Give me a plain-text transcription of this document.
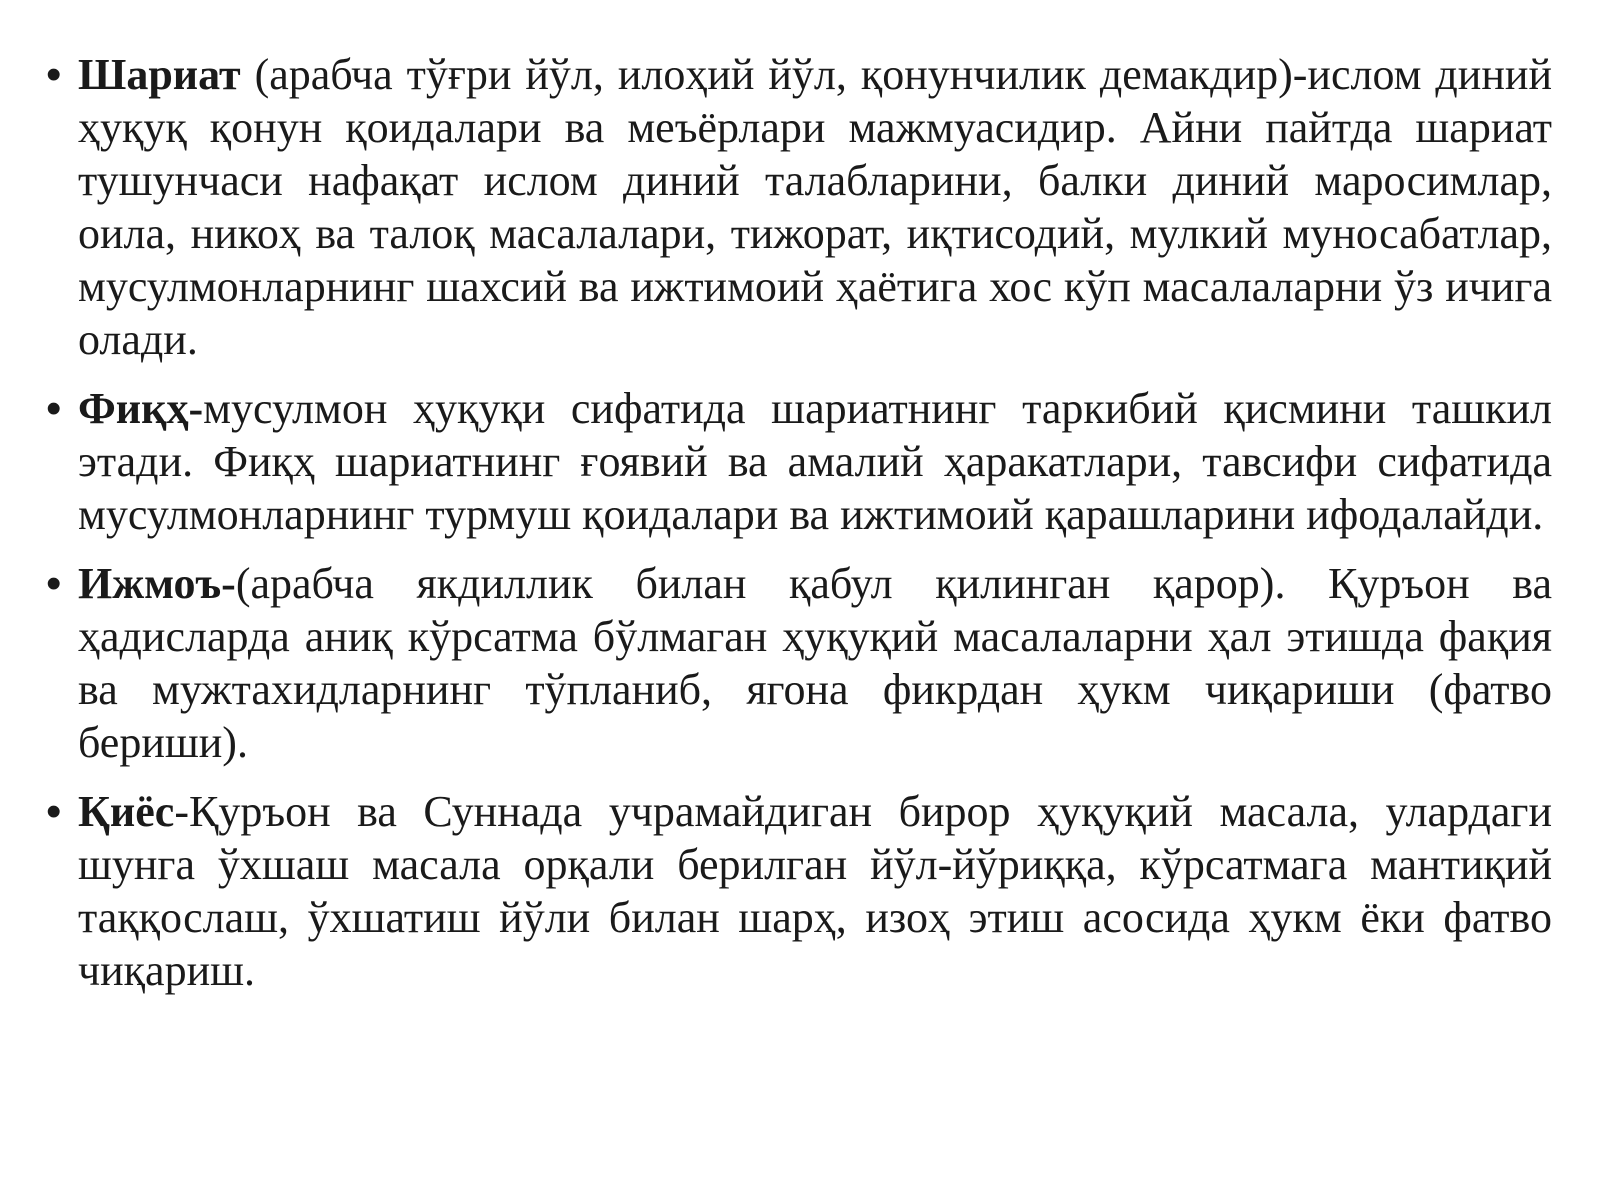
• Шариат (арабча тўғри йўл, илоҳий йўл, қонунчилик демакдир)-ислом диний ҳуқуқ қонун қоидалари ва меъёрлари мажмуасидир. Айни пайтда шариат тушунчаси нафақат ислом диний талабларини, балки диний маросимлар, оила, никоҳ ва талоқ масалалари, тижорат, иқтисодий, мулкий муносабатлар, мусулмонларнинг шахсий ва ижтимоий ҳаётига хос кўп масалаларни ўз ичига олади.
• Фиқҳ-мусулмон ҳуқуқи сифатида шариатнинг таркибий қисмини ташкил этади. Фиқҳ шариатнинг ғоявий ва амалий ҳаракатлари, тавсифи сифатида мусулмонларнинг турмуш қоидалари ва ижтимоий қарашларини ифодалайди.
• Ижмоъ-(арабча якдиллик билан қабул қилинган қарор). Қуръон ва ҳадисларда аниқ кўрсатма бўлмаган ҳуқуқий масалаларни ҳал этишда фақия ва мужтахидларнинг тўпланиб, ягона фикрдан ҳукм чиқариши (фатво бериши).
• Қиёс-Қуръон ва Суннада учрамайдиган бирор ҳуқуқий масала, улардаги шунга ўхшаш масала орқали берилган йўл-йўриққа, кўрсатмага мантиқий таққослаш, ўхшатиш йўли билан шарҳ, изоҳ этиш асосида ҳукм ёки фатво чиқариш.
